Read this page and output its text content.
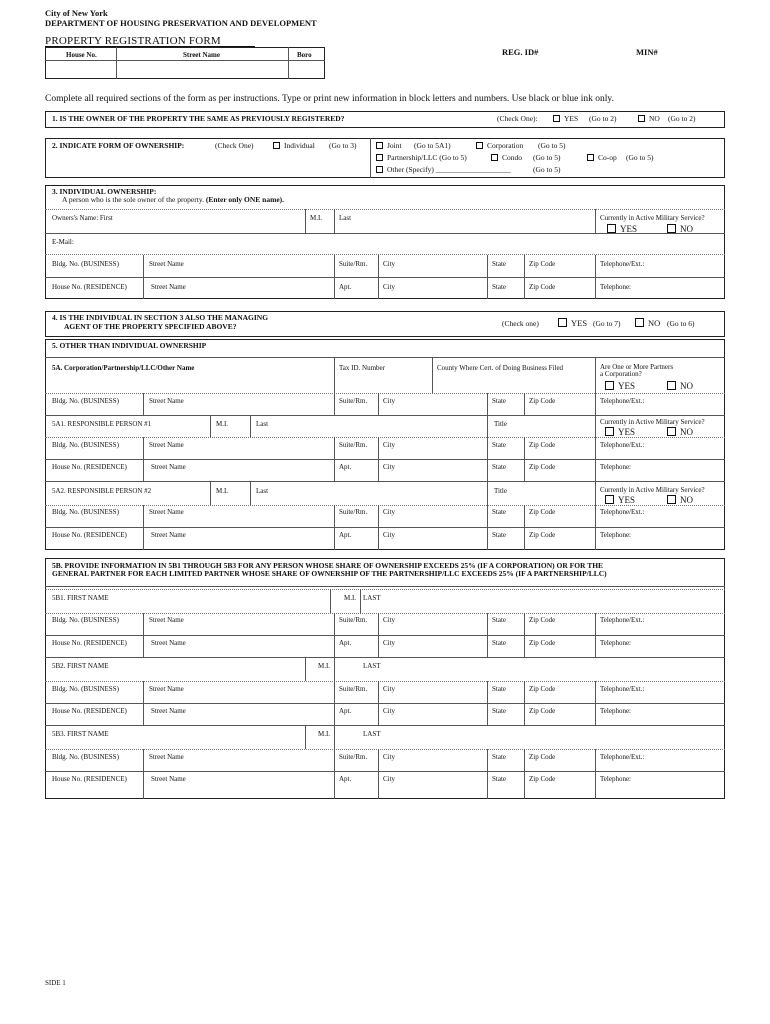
City of New York
DEPARTMENT OF HOUSING PRESERVATION AND DEVELOPMENT
PROPERTY REGISTRATION FORM
House No.	Street Name	Boro	REG. ID#	MIN#
Complete all required sections of the form as per instructions. Type or print new information in block letters and numbers. Use black or blue ink only.
1. IS THE OWNER OF THE PROPERTY THE SAME AS PREVIOUSLY REGISTERED?	(Check One):	YES (Go to 2)	NO (Go to 2)
2. INDICATE FORM OF OWNERSHIP:	(Check One)	Individual (Go to 3)	Joint (Go to 5A1)	Corporation (Go to 5)
Partnership/LLC (Go to 5)	Condo (Go to 5)	Co-op (Go to 5)
Other (Specify) ____________________	(Go to 5)
3. INDIVIDUAL OWNERSHIP:
A person who is the sole owner of the property. (Enter only ONE name).
Owners's Name: First	M.I. Last	Currently in Active Military Service?
YES	NO
E-Mail:
Bldg. No. (BUSINESS)	Street Name	Suite/Rm. City	State	Zip Code	Telephone/Ext.:
House No. (RESIDENCE)	Street Name	Apt.	City	State	Zip Code	Telephone:
4. IS THE INDIVIDUAL IN SECTION 3 ALSO THE MANAGING
AGENT OF THE PROPERTY SPECIFIED ABOVE?	(Check one)	YES (Go to 7)	NO (Go to 6)
5. OTHER THAN INDIVIDUAL OWNERSHIP
5A. Corporation/Partnership/LLC/Other Name	Tax ID. Number	County Where Cert. of Doing Business Filed	Are One or More Partners
a Corporation?
YES	NO
Bldg. No. (BUSINESS)	Street Name	Suite/Rm. City	State	Zip Code	Telephone/Ext.:
5A1. RESPONSIBLE PERSON #1	M.I.	Last	Title	Currently in Active Military Service?
YES	NO
Bldg. No. (BUSINESS)	Street Name	Suite/Rm. City	State	Zip Code	Telephone/Ext.:
House No. (RESIDENCE)	Street Name	Apt.	City	State	Zip Code	Telephone:
5A2. RESPONSIBLE PERSON #2	M.I.	Last	Title	Currently in Active Military Service?
YES	NO
Bldg. No. (BUSINESS)	Street Name	Suite/Rm. City	State	Zip Code	Telephone/Ext.:
House No. (RESIDENCE)	Street Name	Apt.	City	State	Zip Code	Telephone:
5B. PROVIDE INFORMATION IN 5B1 THROUGH 5B3 FOR ANY PERSON WHOSE SHARE OF OWNERSHIP EXCEEDS 25% (IF A CORPORATION) OR FOR THE
GENERAL PARTNER FOR EACH LIMITED PARTNER WHOSE SHARE OF OWNERSHIP OF THE PARTNERSHIP/LLC EXCEEDS 25% (IF A PARTNERSHIP/LLC)
5B1. FIRST NAME	M.I. LAST
Bldg. No. (BUSINESS)	Street Name	Suite/Rm. City	State	Zip Code	Telephone/Ext.:
House No. (RESIDENCE)	Street Name	Apt.	City	State	Zip Code	Telephone:
5B2. FIRST NAME	M.I.	LAST
Bldg. No. (BUSINESS)	Street Name	Suite/Rm. City	State	Zip Code	Telephone/Ext.:
House No. (RESIDENCE)	Street Name	Apt.	City	State	Zip Code	Telephone:
5B3. FIRST NAME	M.I.	LAST
Bldg. No. (BUSINESS)	Street Name	Suite/Rm. City	State	Zip Code	Telephone/Ext.:
House No. (RESIDENCE)	Street Name	Apt.	City	State	Zip Code	Telephone:
SIDE 1
